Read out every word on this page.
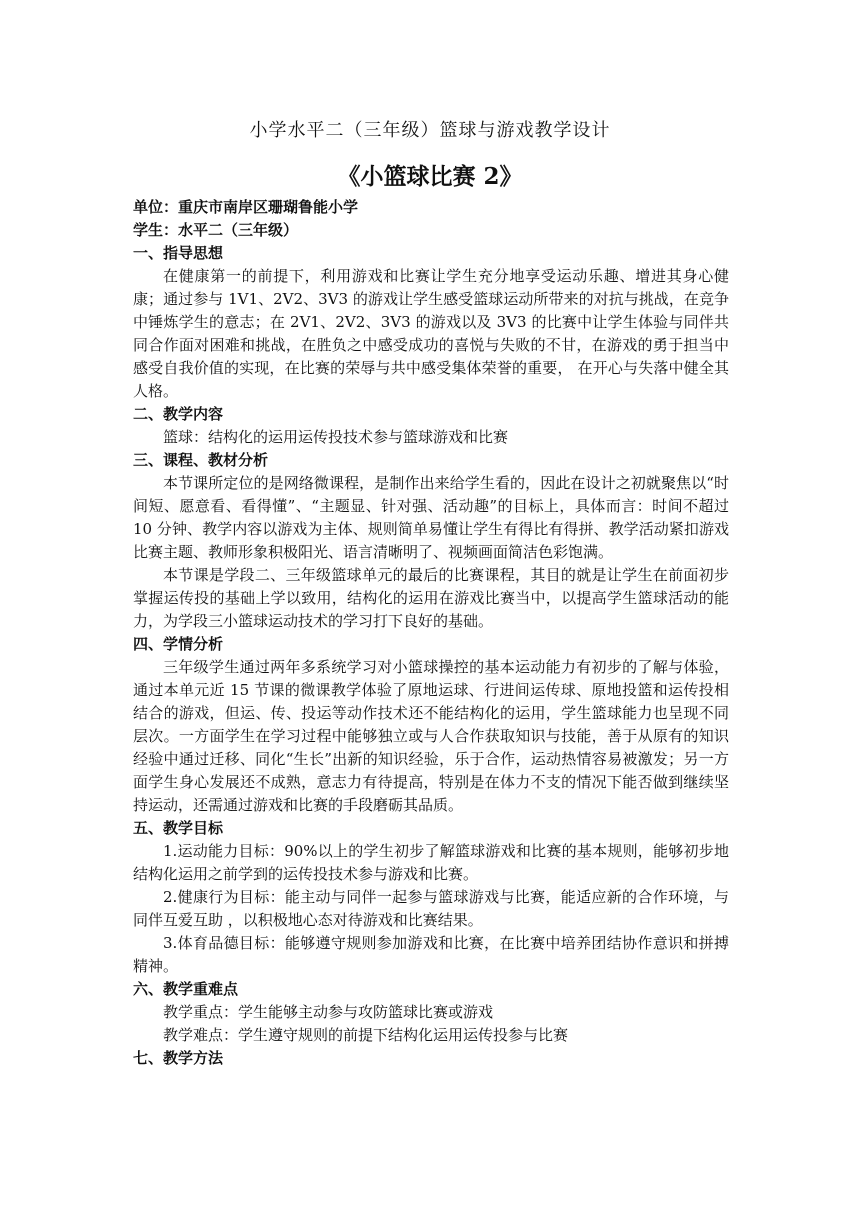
小学水平二（三年级）篮球与游戏教学设计
《小篮球比赛 2》

单位：重庆市南岸区珊瑚鲁能小学

学生：水平二（三年级）

一、指导思想

在健康第一的前提下，利用游戏和比赛让学生充分地享受运动乐趣、增进其身心健康；通过参与 1V1、2V2、3V3 的游戏让学生感受篮球运动所带来的对抗与挑战，在竞争中锤炼学生的意志；在 2V1、2V2、3V3 的游戏以及 3V3 的比赛中让学生体验与同伴共同合作面对困难和挑战，在胜负之中感受成功的喜悦与失败的不甘，在游戏的勇于担当中感受自我价值的实现，在比赛的荣辱与共中感受集体荣誉的重要， 在开心与失落中健全其人格。

二、教学内容

篮球：结构化的运用运传投技术参与篮球游戏和比赛

三、课程、教材分析

本节课所定位的是网络微课程，是制作出来给学生看的，因此在设计之初就聚焦以“时间短、愿意看、看得懂”、“主题显、针对强、活动趣”的目标上，具体而言：时间不超过 10 分钟、教学内容以游戏为主体、规则简单易懂让学生有得比有得拼、教学活动紧扣游戏比赛主题、教师形象积极阳光、语言清晰明了、视频画面简洁色彩饱满。

本节课是学段二、三年级篮球单元的最后的比赛课程，其目的就是让学生在前面初步掌握运传投的基础上学以致用，结构化的运用在游戏比赛当中，以提高学生篮球活动的能力，为学段三小篮球运动技术的学习打下良好的基础。

四、学情分析

三年级学生通过两年多系统学习对小篮球操控的基本运动能力有初步的了解与体验，通过本单元近 15 节课的微课教学体验了原地运球、行进间运传球、原地投篮和运传投相结合的游戏，但运、传、投运等动作技术还不能结构化的运用，学生篮球能力也呈现不同层次。一方面学生在学习过程中能够独立或与人合作获取知识与技能，善于从原有的知识经验中通过迁移、同化“生长”出新的知识经验，乐于合作，运动热情容易被激发；另一方面学生身心发展还不成熟，意志力有待提高，特别是在体力不支的情况下能否做到继续坚持运动，还需通过游戏和比赛的手段磨砺其品质。

五、教学目标

1.运动能力目标：90%以上的学生初步了解篮球游戏和比赛的基本规则，能够初步地结构化运用之前学到的运传投技术参与游戏和比赛。

2.健康行为目标：能主动与同伴一起参与篮球游戏与比赛，能适应新的合作环境，与同伴互爱互助 ，以积极地心态对待游戏和比赛结果。

3.体育品德目标：能够遵守规则参加游戏和比赛，在比赛中培养团结协作意识和拼搏精神。

六、教学重难点

教学重点：学生能够主动参与攻防篮球比赛或游戏

教学难点：学生遵守规则的前提下结构化运用运传投参与比赛

七、教学方法
